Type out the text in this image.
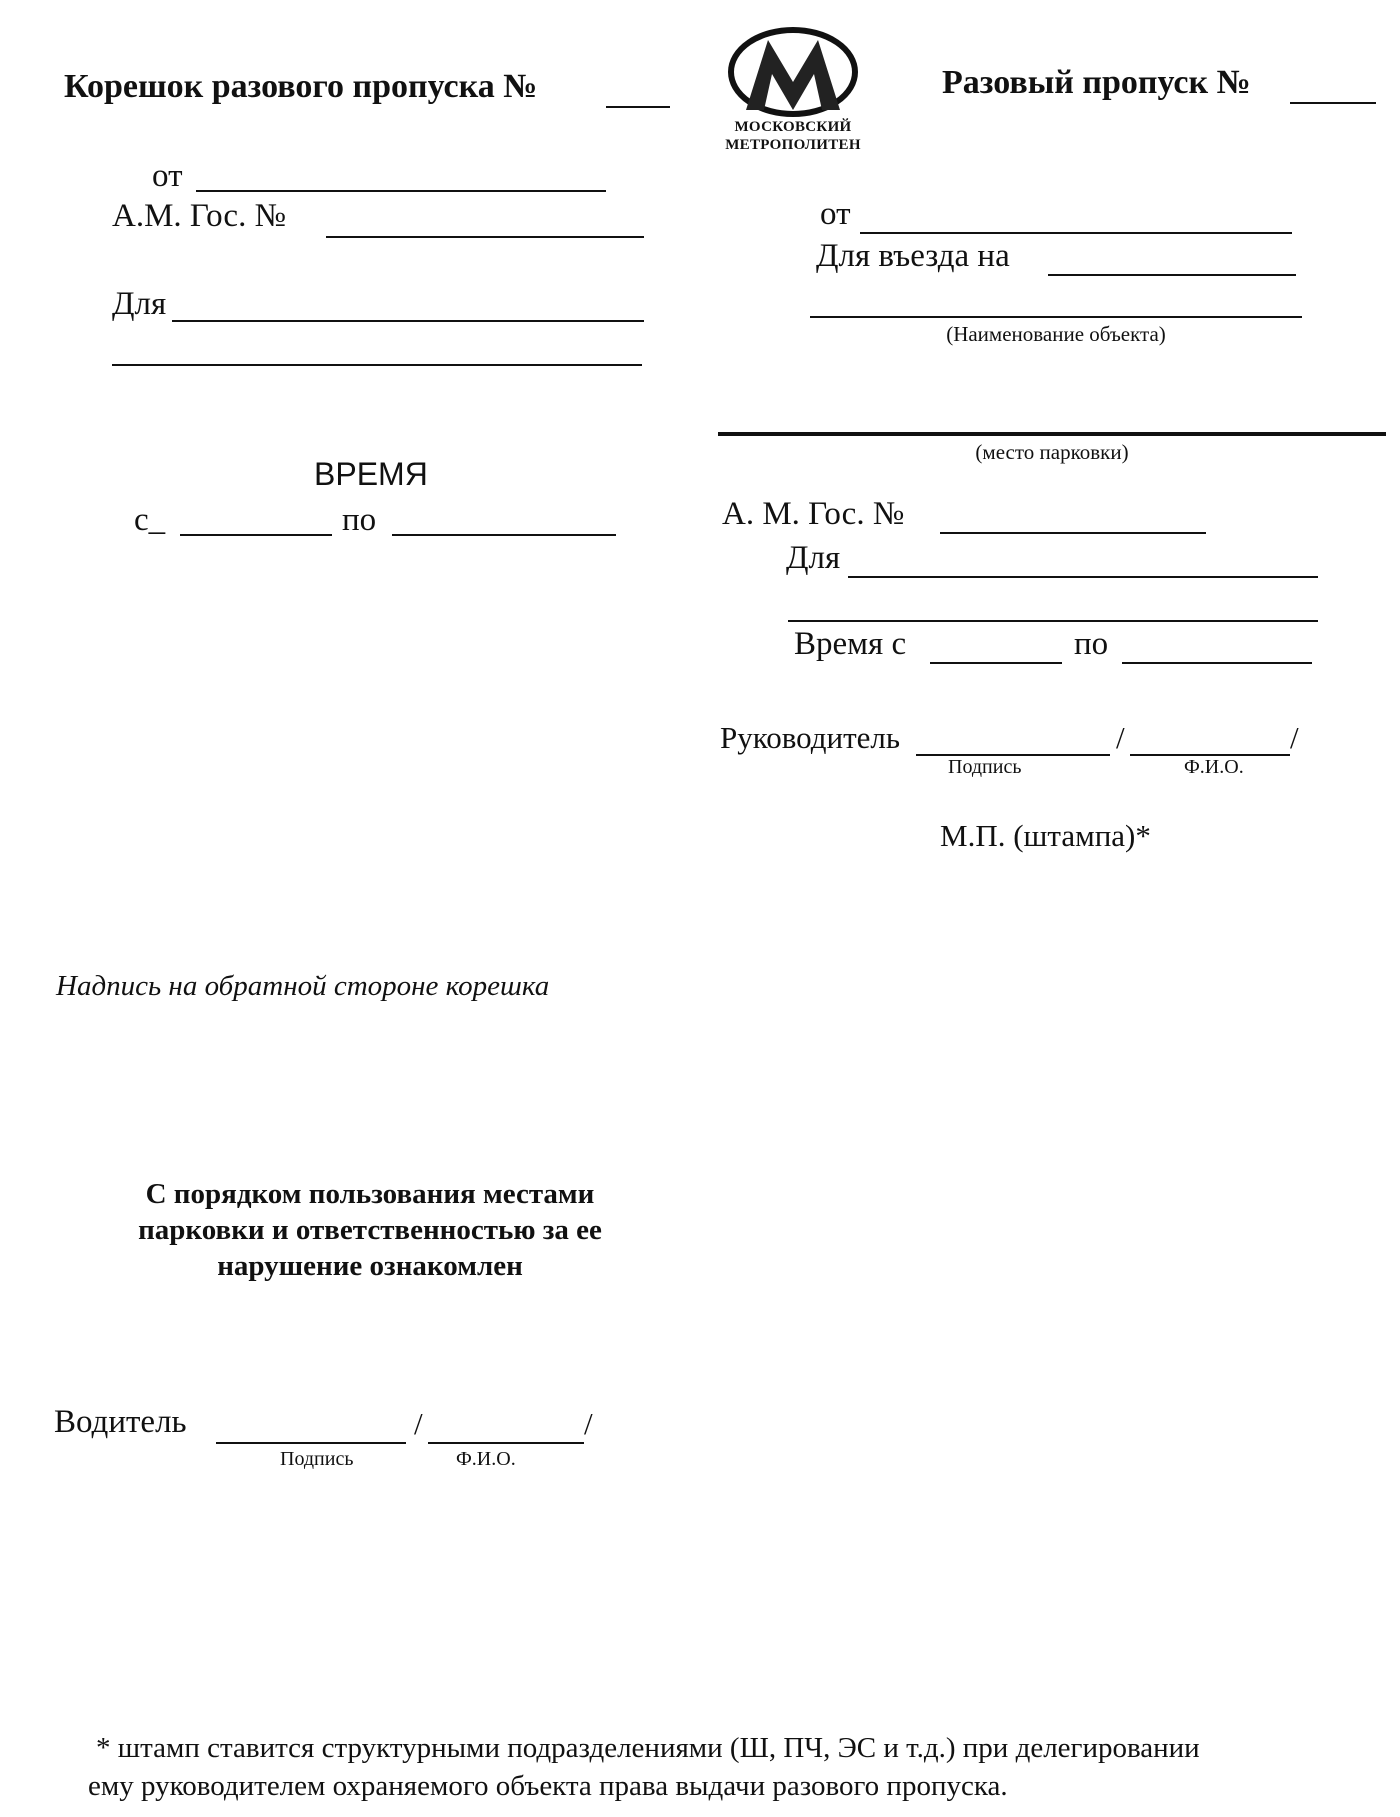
Корешок разового пропуска №
от
А.М. Гос. №
Для
ВРЕМЯ
с_	по
МОСКОВСКИЙ
МЕТРОПОЛИТЕН
Разовый пропуск №
от
Для въезда на
(Наименование объекта)
(место парковки)
А. М. Гос. №
Для
Время с	по
Руководитель	/	/
Подпись	Ф.И.О.
М.П. (штампа)*
Надпись на обратной стороне корешка
С порядком пользования местами
парковки и ответственностью за ее
нарушение ознакомлен
Водитель	/	/
Подпись	Ф.И.О.
* штамп ставится структурными подразделениями (Ш, ПЧ, ЭС и т.д.) при делегировании
ему руководителем охраняемого объекта права выдачи разового пропуска.
